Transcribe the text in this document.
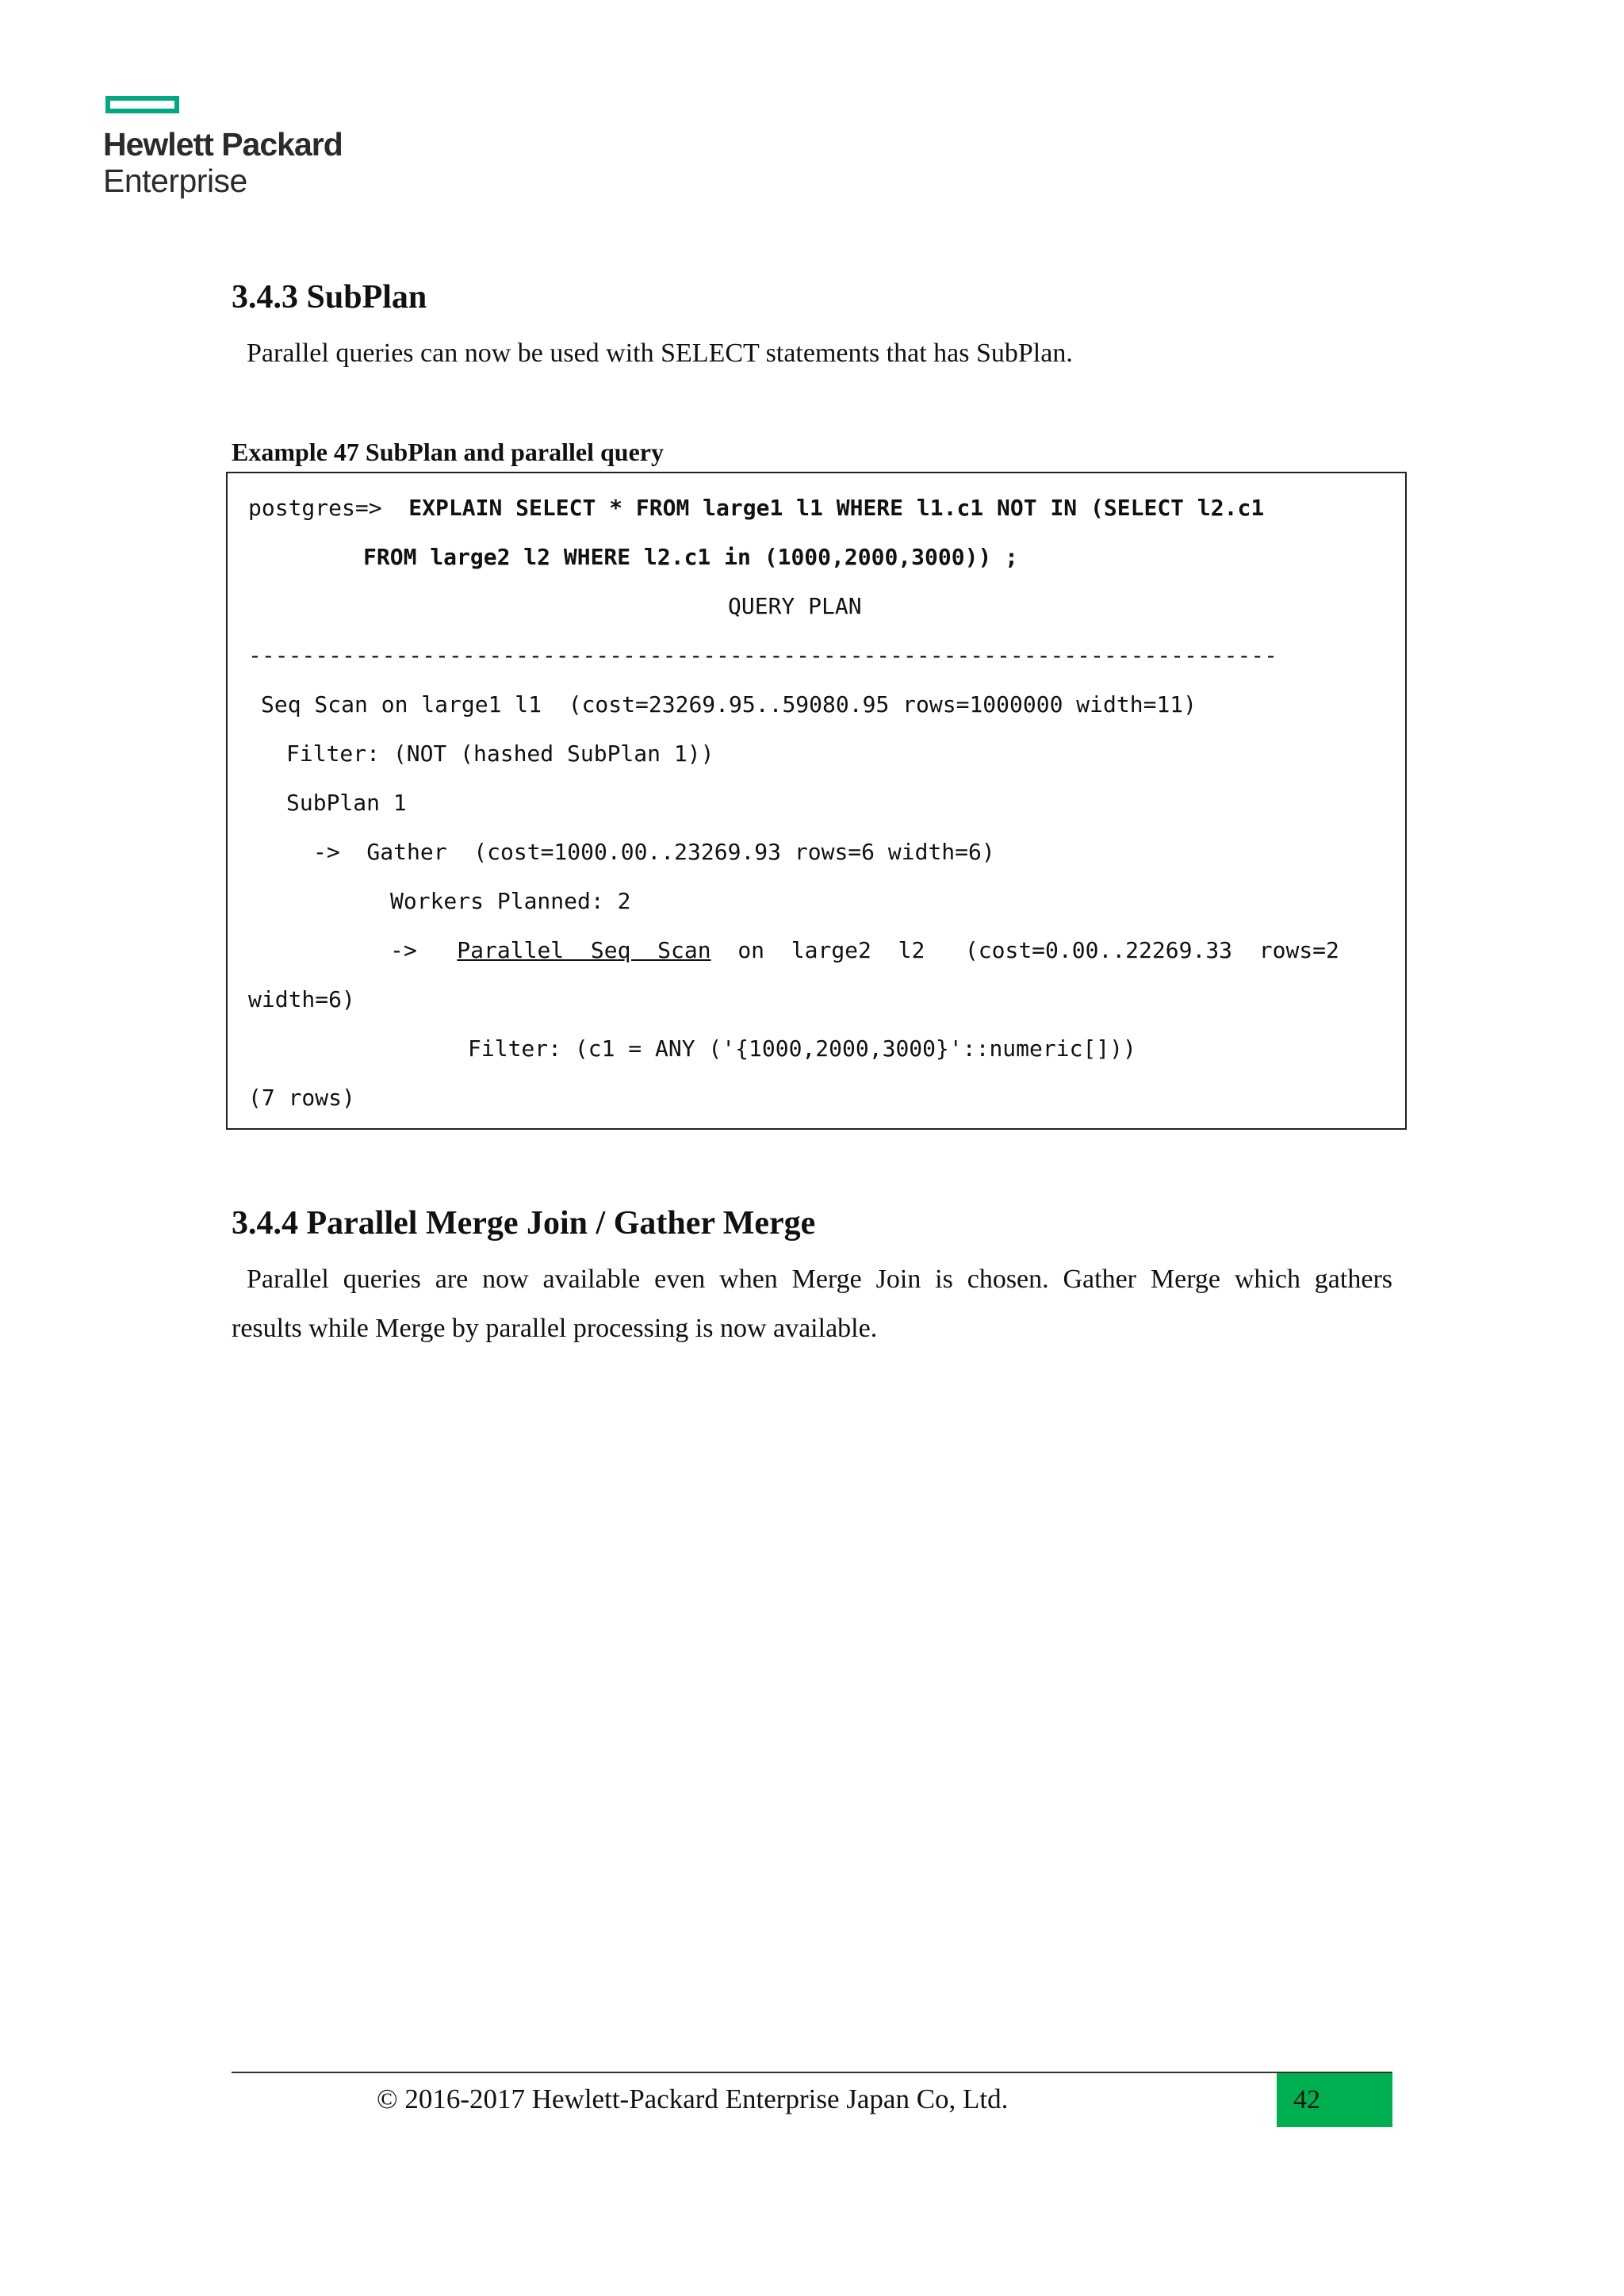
Hewlett Packard
Enterprise
3.4.3 SubPlan

Parallel queries can now be used with SELECT statements that has SubPlan.

Example 47 SubPlan and parallel query
postgres=>  EXPLAIN SELECT * FROM large1 l1 WHERE l1.c1 NOT IN (SELECT l2.c1
FROM large2 l2 WHERE l2.c1 in (1000,2000,3000)) ;
QUERY PLAN
-----------------------------------------------------------------------------
Seq Scan on large1 l1  (cost=23269.95..59080.95 rows=1000000 width=11)
Filter: (NOT (hashed SubPlan 1))
SubPlan 1
->  Gather  (cost=1000.00..23269.93 rows=6 width=6)
Workers Planned: 2
-> Parallel  Seq  Scan on  large2  l2   (cost=0.00..22269.33  rows=2
width=6)
Filter: (c1 = ANY ('{1000,2000,3000}'::numeric[]))
(7 rows)
3.4.4 Parallel Merge Join / Gather Merge

Parallel queries are now available even when Merge Join is chosen. Gather Merge which gathers

results while Merge by parallel processing is now available.

© 2016-2017 Hewlett-Packard Enterprise Japan Co, Ltd.	42
